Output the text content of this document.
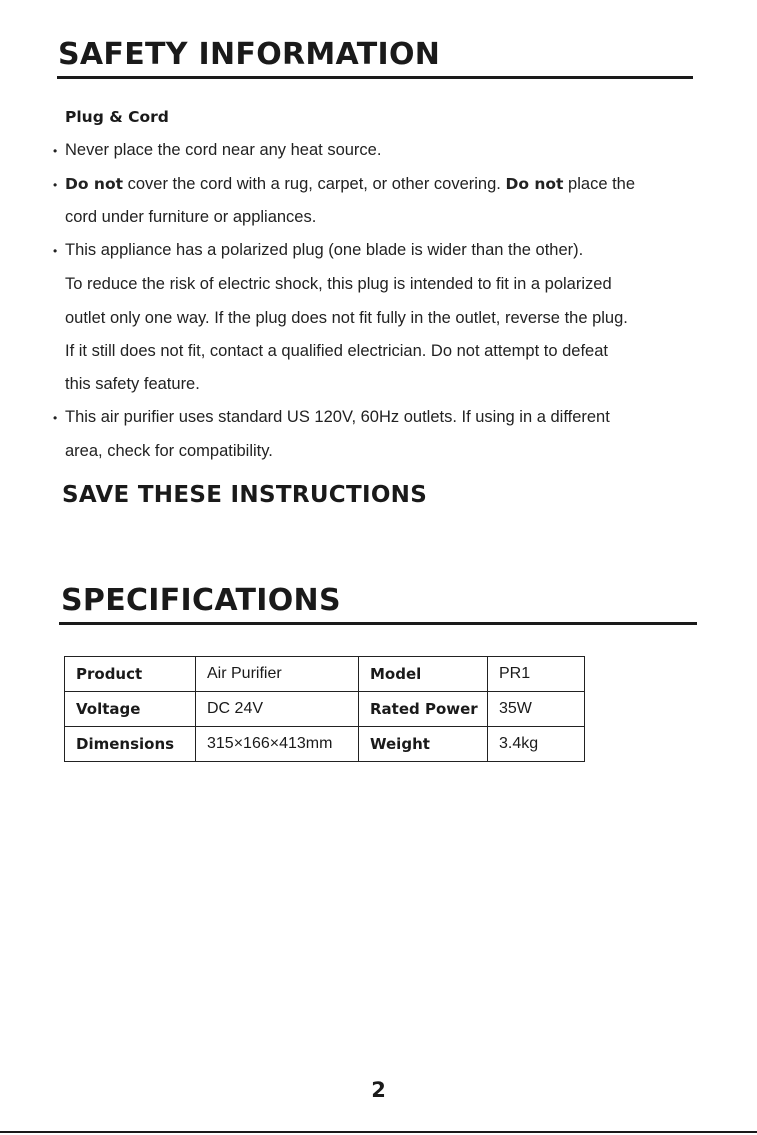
SAFETY INFORMATION
Plug & Cord
• Never place the cord near any heat source.
• Do not cover the cord with a rug, carpet, or other covering. Do not place the
cord under furniture or appliances.
• This appliance has a polarized plug (one blade is wider than the other).
To reduce the risk of electric shock, this plug is intended to fit in a polarized
outlet only one way. If the plug does not fit fully in the outlet, reverse the plug.
If it still does not fit, contact a qualified electrician. Do not attempt to defeat
this safety feature.
• This air purifier uses standard US 120V, 60Hz outlets. If using in a different
area, check for compatibility.
SAVE THESE INSTRUCTIONS
SPECIFICATIONS
Product	Air Purifier	Model	PR1
Voltage	DC 24V	Rated Power	35W
Dimensions	315×166×413mm	Weight	3.4kg
2
